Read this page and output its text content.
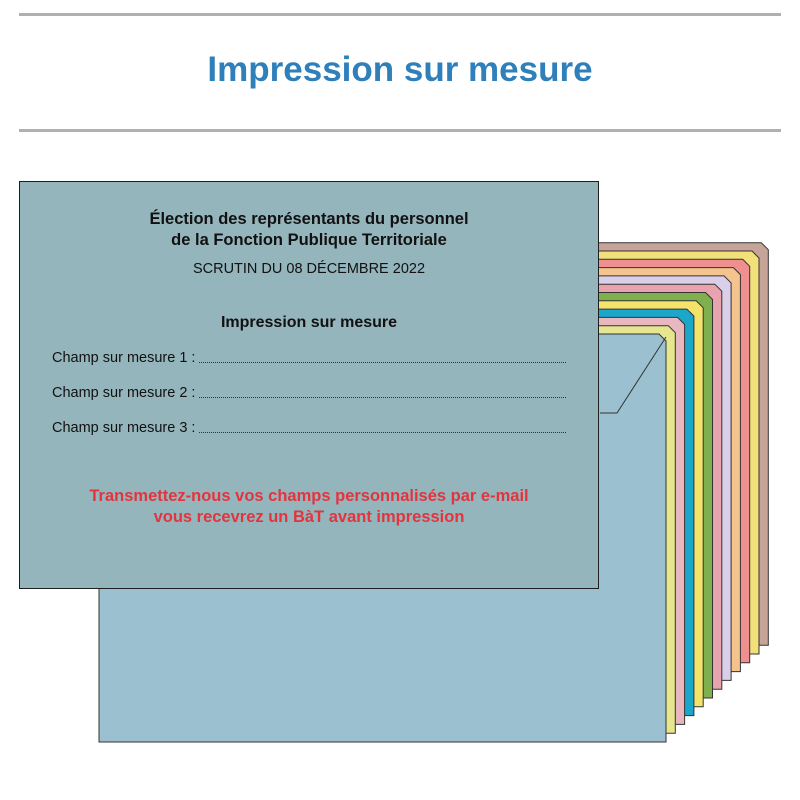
Impression sur mesure
Élection des représentants du personnel
de la Fonction Publique Territoriale
SCRUTIN DU 08 DÉCEMBRE 2022
Impression sur mesure
Champ sur mesure 1 :
Champ sur mesure 2 :
Champ sur mesure 3 :
Transmettez-nous vos champs personnalisés par e-mail
vous recevrez un BàT avant impression
